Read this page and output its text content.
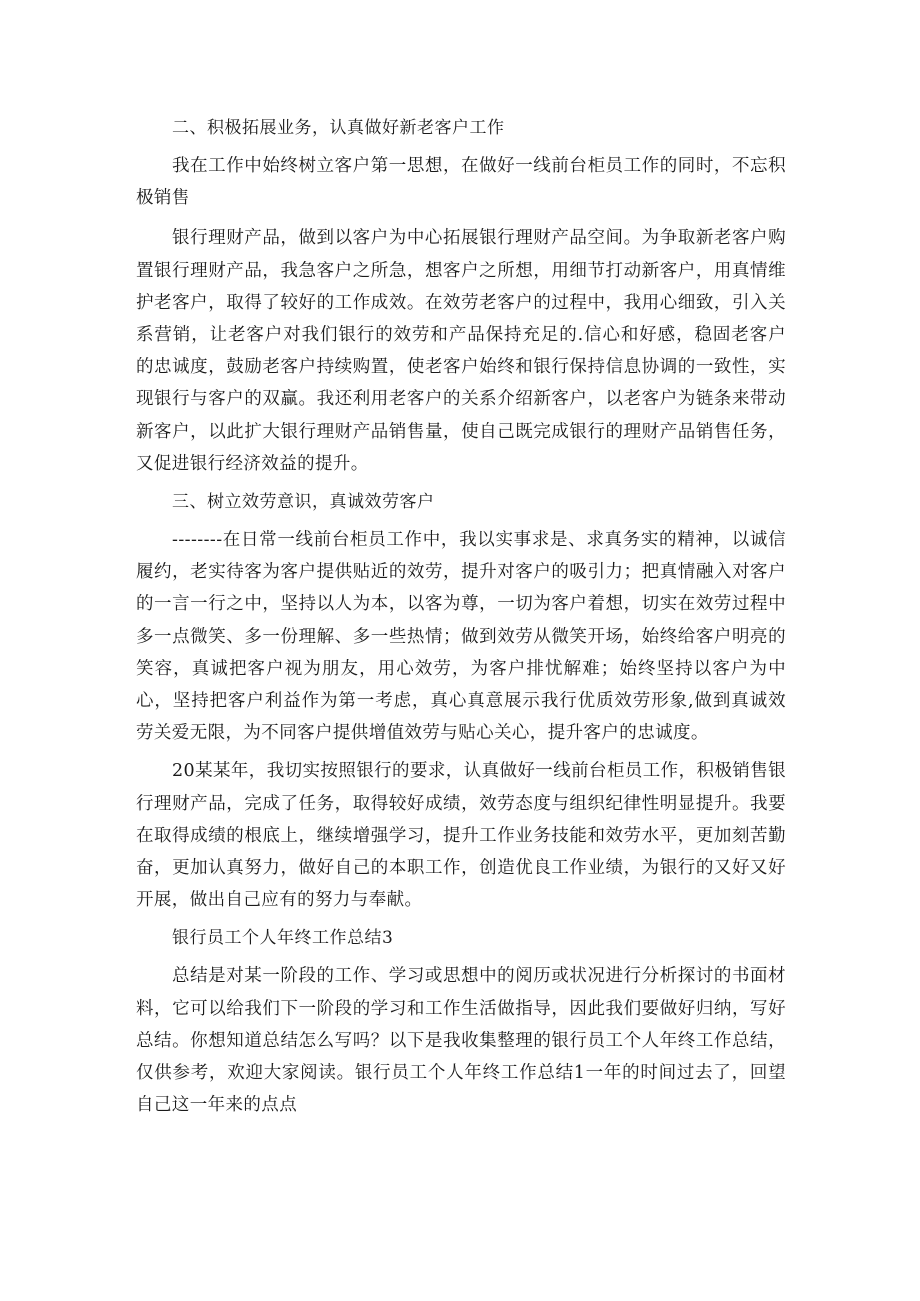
二、积极拓展业务，认真做好新老客户工作

我在工作中始终树立客户第一思想，在做好一线前台柜员工作的同时，不忘积极销售

银行理财产品，做到以客户为中心拓展银行理财产品空间。为争取新老客户购置银行理财产品，我急客户之所急，想客户之所想，用细节打动新客户，用真情维护老客户，取得了较好的工作成效。在效劳老客户的过程中，我用心细致，引入关系营销，让老客户对我们银行的效劳和产品保持充足的.信心和好感，稳固老客户的忠诚度，鼓励老客户持续购置，使老客户始终和银行保持信息协调的一致性，实现银行与客户的双赢。我还利用老客户的关系介绍新客户，以老客户为链条来带动新客户，以此扩大银行理财产品销售量，使自己既完成银行的理财产品销售任务，又促进银行经济效益的提升。

三、树立效劳意识，真诚效劳客户

--------在日常一线前台柜员工作中，我以实事求是、求真务实的精神，以诚信履约，老实待客为客户提供贴近的效劳，提升对客户的吸引力；把真情融入对客户的一言一行之中，坚持以人为本，以客为尊，一切为客户着想，切实在效劳过程中多一点微笑、多一份理解、多一些热情；做到效劳从微笑开场，始终给客户明亮的笑容，真诚把客户视为朋友，用心效劳，为客户排忧解难；始终坚持以客户为中心，坚持把客户利益作为第一考虑，真心真意展示我行优质效劳形象,做到真诚效劳关爱无限，为不同客户提供增值效劳与贴心关心，提升客户的忠诚度。

20某某年，我切实按照银行的要求，认真做好一线前台柜员工作，积极销售银行理财产品，完成了任务，取得较好成绩，效劳态度与组织纪律性明显提升。我要在取得成绩的根底上，继续增强学习，提升工作业务技能和效劳水平，更加刻苦勤奋，更加认真努力，做好自己的本职工作，创造优良工作业绩，为银行的又好又好开展，做出自己应有的努力与奉献。

银行员工个人年终工作总结3

总结是对某一阶段的工作、学习或思想中的阅历或状况进行分析探讨的书面材料，它可以给我们下一阶段的学习和工作生活做指导，因此我们要做好归纳，写好总结。你想知道总结怎么写吗？以下是我收集整理的银行员工个人年终工作总结，仅供参考，欢迎大家阅读。银行员工个人年终工作总结1一年的时间过去了，回望自己这一年来的点点
